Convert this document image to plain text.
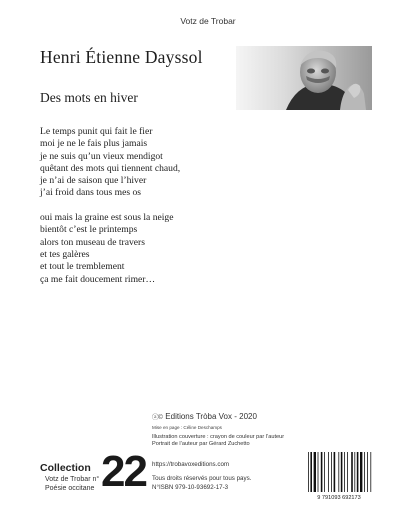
Votz de Trobar
Henri Étienne Dayssol
Des mots en hiver
Le temps punit qui fait le fier
moi je ne le fais plus jamais
je ne suis qu’un vieux mendigot
quêtant des mots qui tiennent chaud,
je n’ai de saison que l’hiver
j’ai froid dans tous mes os
oui mais la graine est sous la neige
bientôt c’est le printemps
alors ton museau de travers
et tes galères
et tout le tremblement
ça me fait doucement rimer…
ⓐ© Editions Tròba Vox - 2020
Mise en page : Céline Deschamps
Illustration couverture : crayon de couleur par l’auteur
Portrait de l’auteur par Gérard Zuchetto
Collection
Votz de Trobar n°
Poésie occitane 22 https://trobavoxeditions.com
Tous droits réservés pour tous pays.
N°ISBN 979-10-93692-17-3
9 791093 692173
